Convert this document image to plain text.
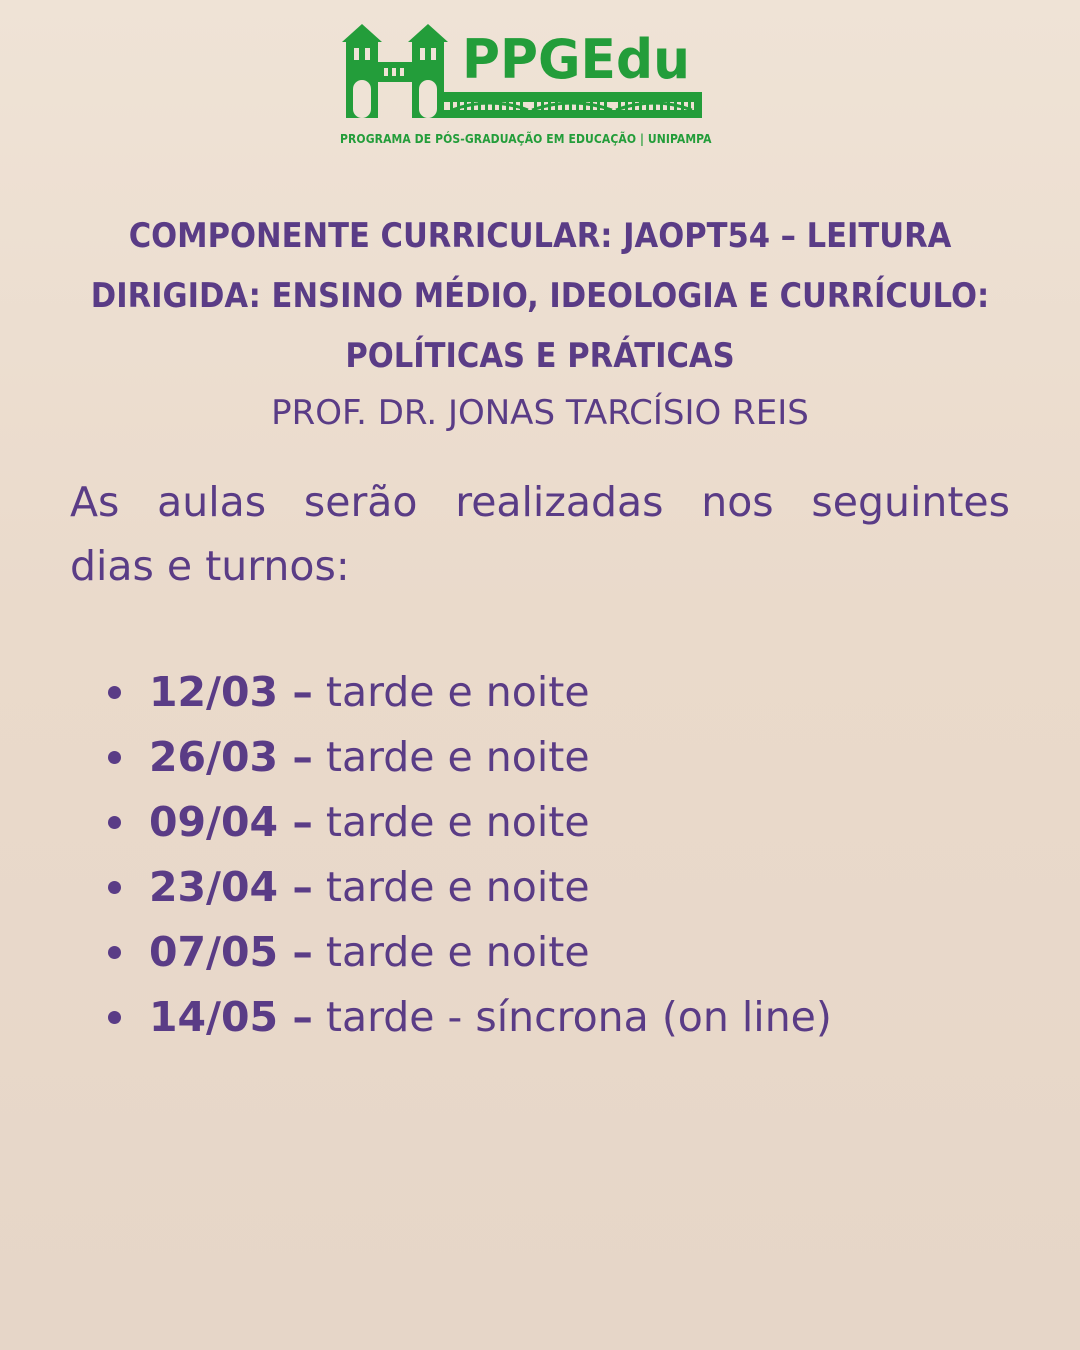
PPGEdu
PROGRAMA DE PÓS-GRADUAÇÃO EM EDUCAÇÃO | UNIPAMPA
COMPONENTE CURRICULAR: JAOPT54 – LEITURA
DIRIGIDA: ENSINO MÉDIO, IDEOLOGIA E CURRÍCULO:
POLÍTICAS E PRÁTICAS
PROF. DR. JONAS TARCÍSIO REIS
As aulas serão realizadas nos seguintes
dias e turnos:
12/03 – tarde e noite
26/03 – tarde e noite
09/04 – tarde e noite
23/04 – tarde e noite
07/05 – tarde e noite
14/05 – tarde - síncrona (on line)
